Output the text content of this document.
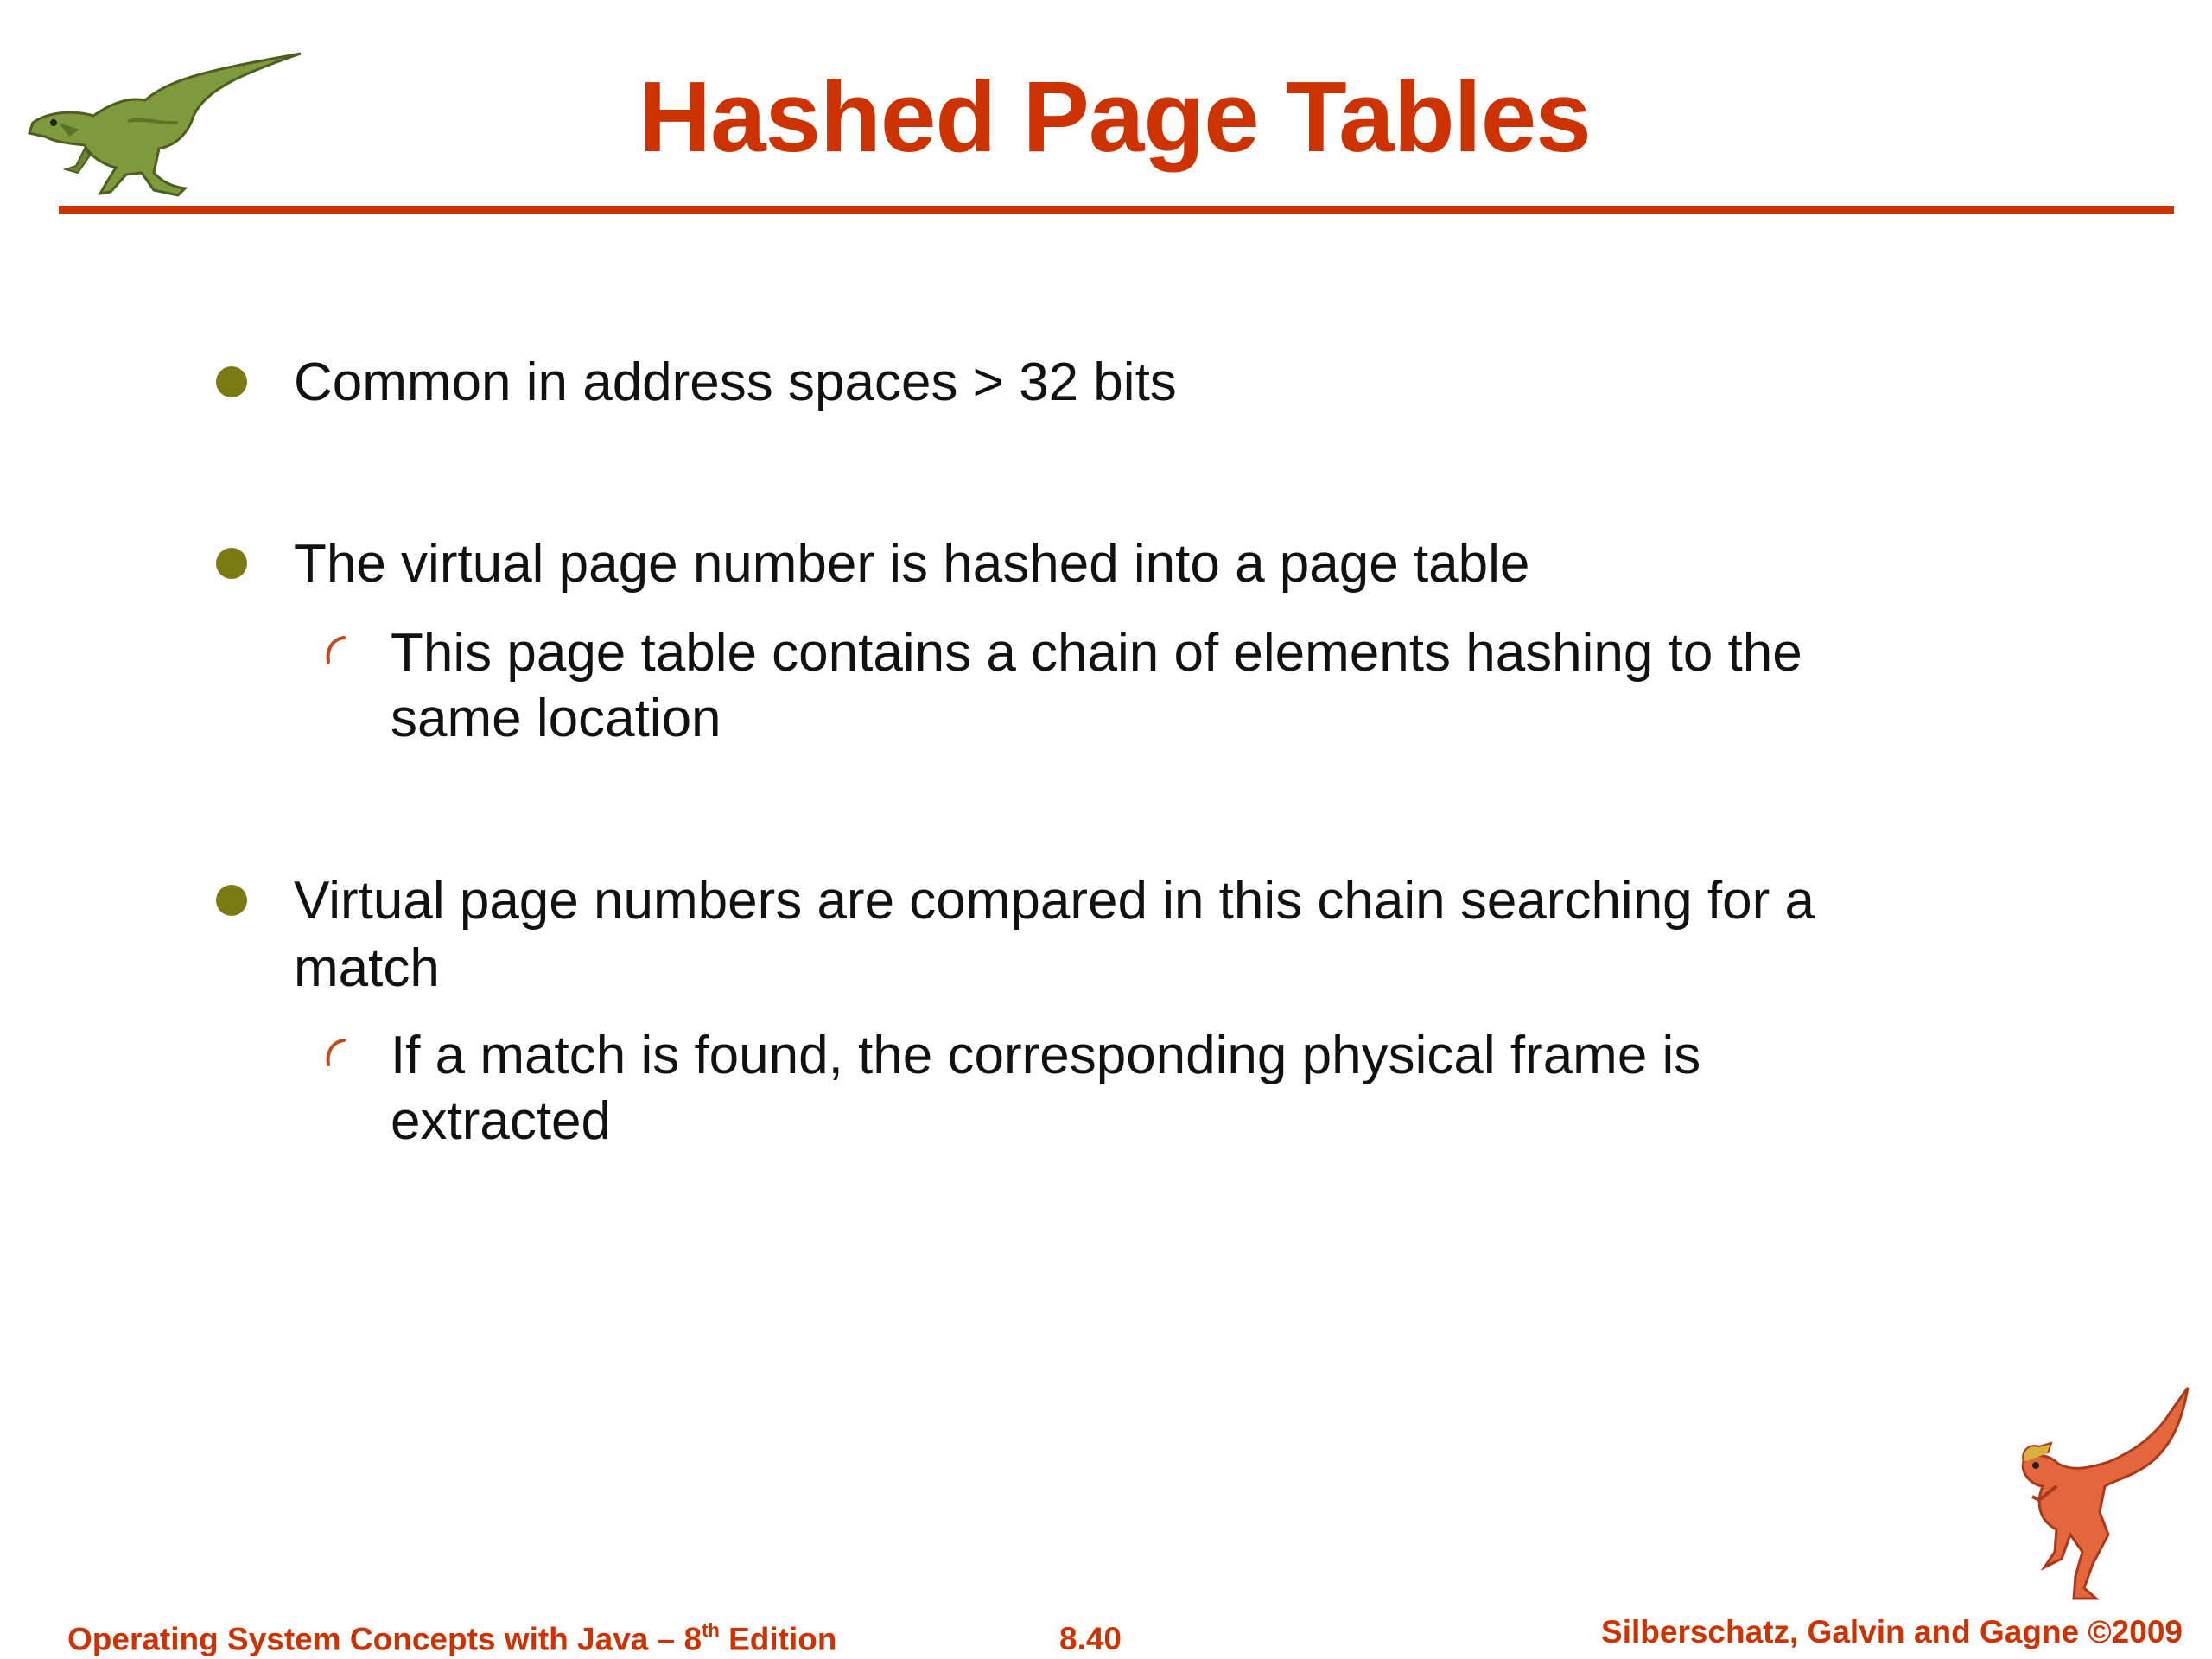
Hashed Page Tables
Common in address spaces > 32 bits
The virtual page number is hashed into a page table
This page table contains a chain of elements hashing to the same location
Virtual page numbers are compared in this chain searching for a match
If a match is found, the corresponding physical frame is extracted
Operating System Concepts with Java – 8th Edition	8.40	Silberschatz, Galvin and Gagne ©2009
